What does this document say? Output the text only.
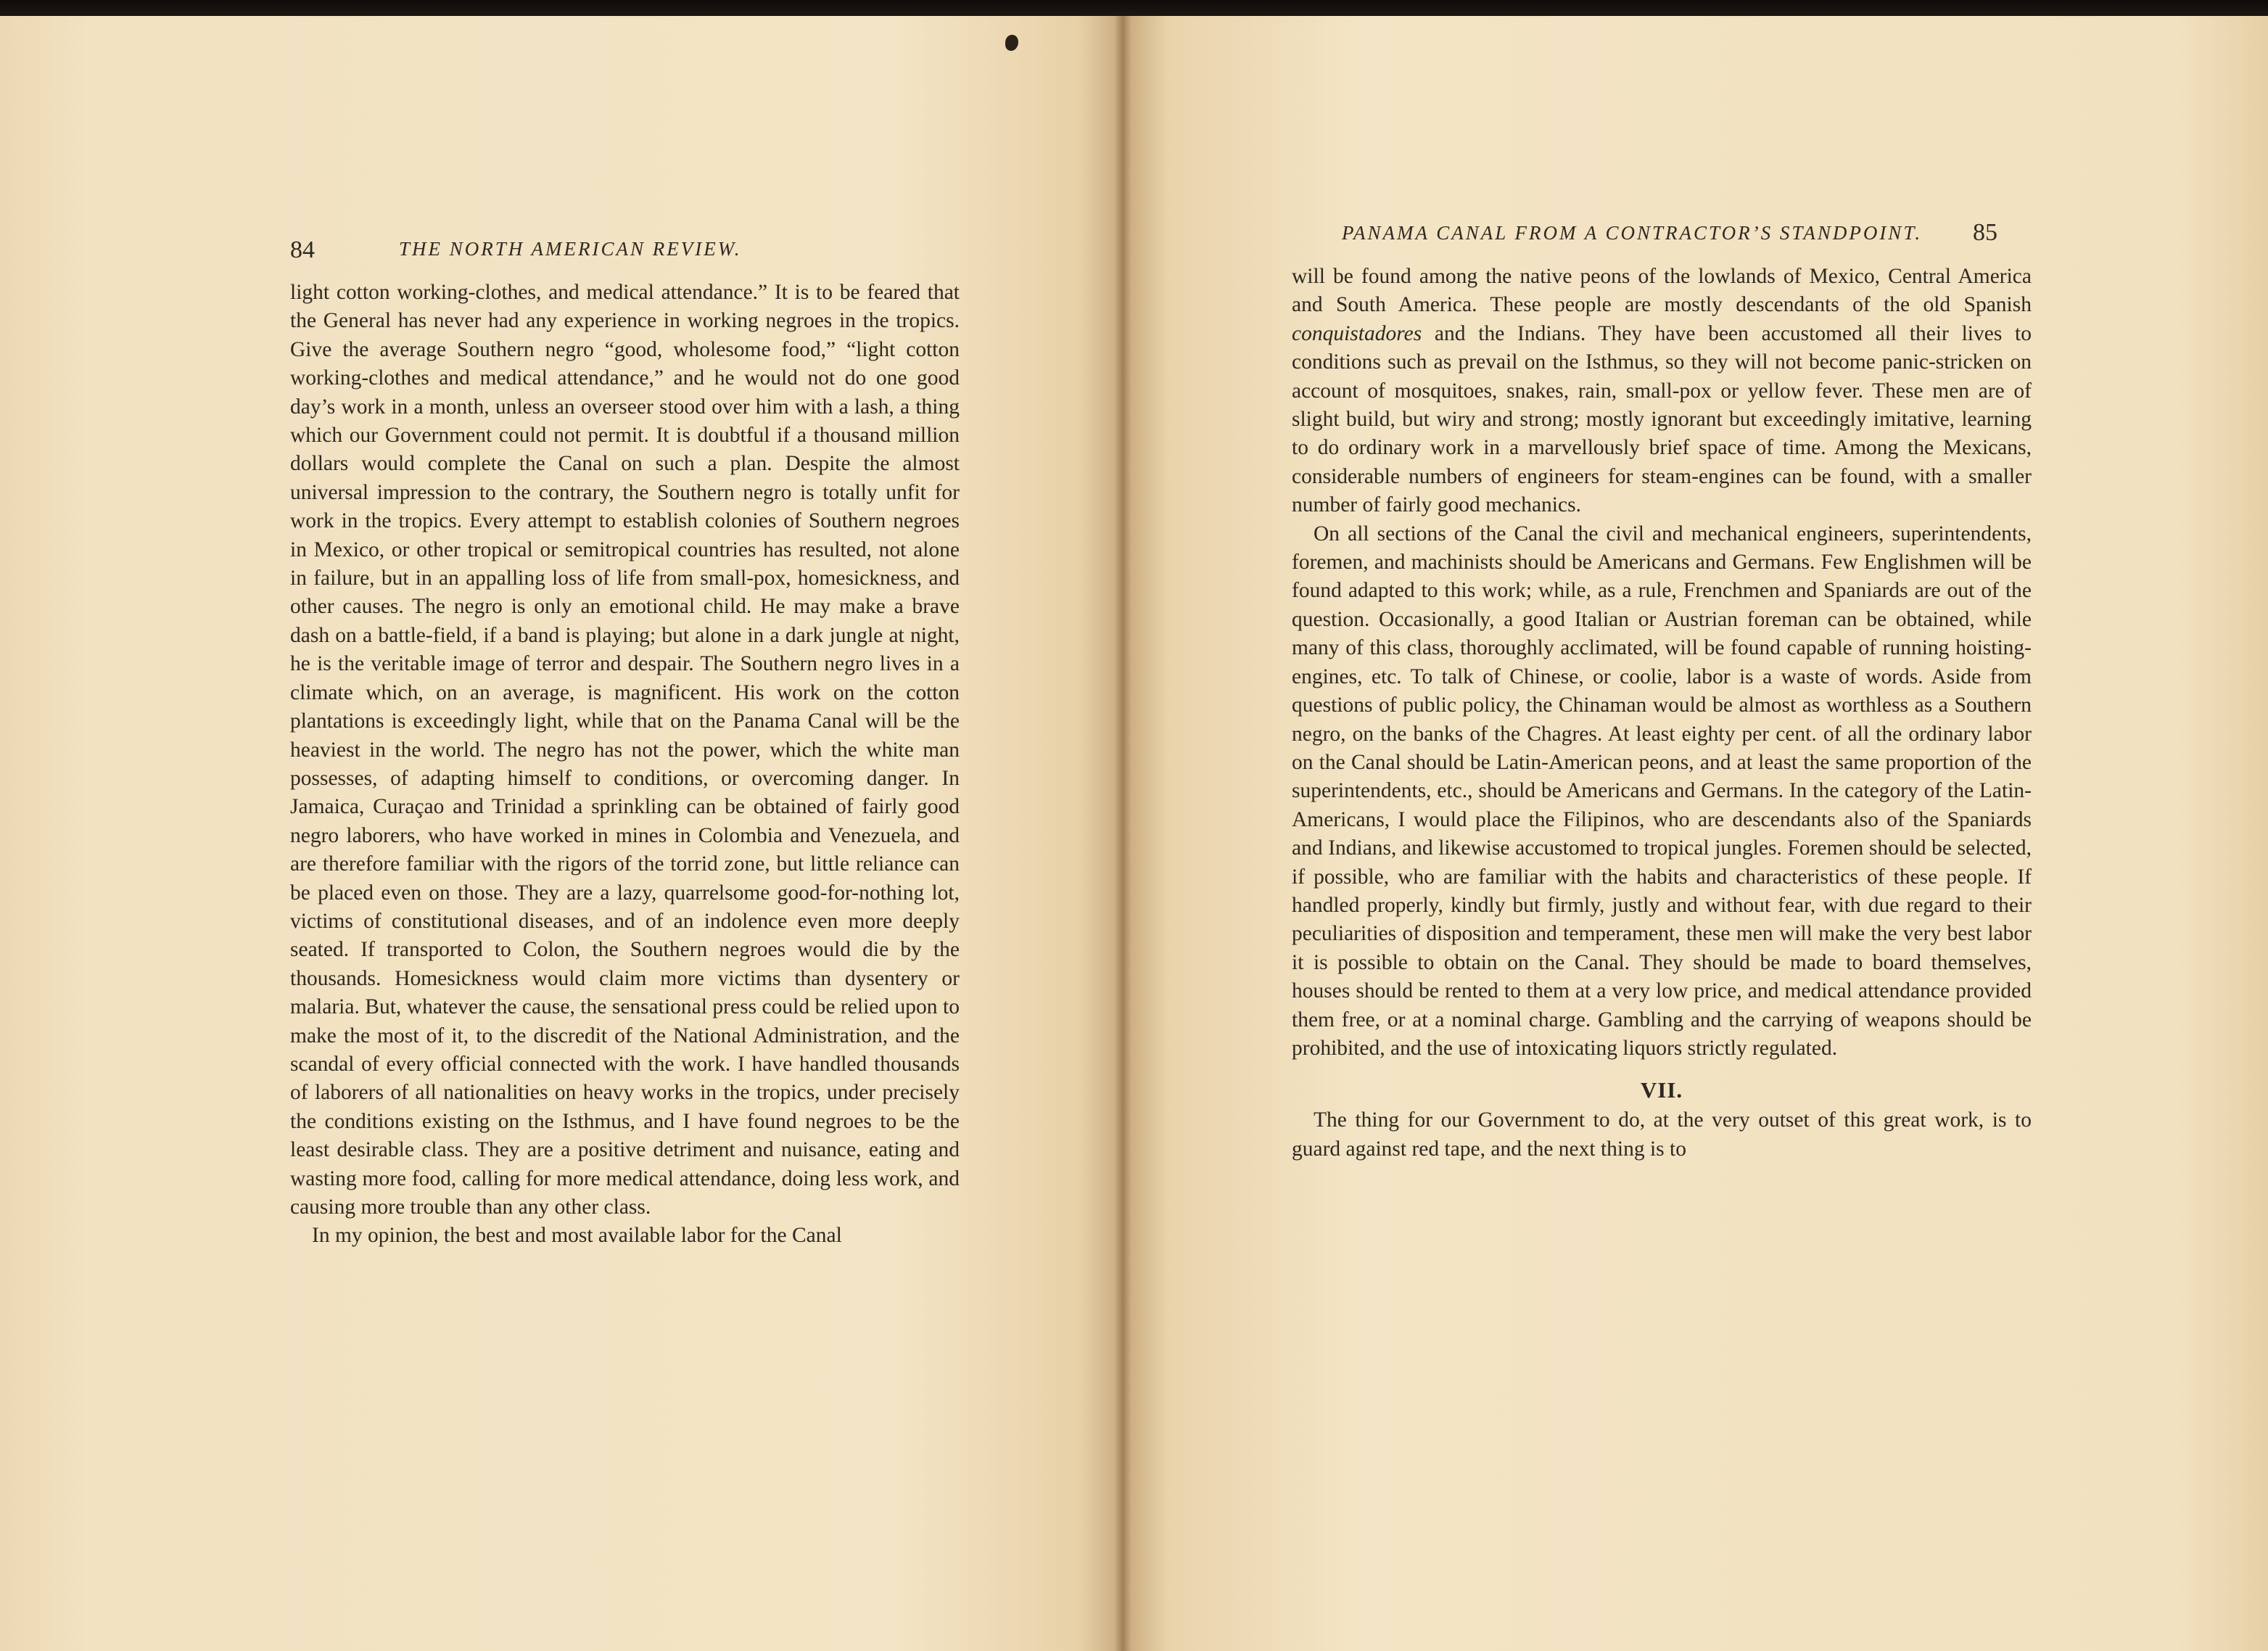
84	THE NORTH AMERICAN REVIEW.

light cotton working-clothes, and medical attendance.” It is to be feared that the General has never had any experience in working negroes in the tropics. Give the average Southern negro “good, wholesome food,” “light cotton working-clothes and medical attendance,” and he would not do one good day’s work in a month, unless an overseer stood over him with a lash, a thing which our Government could not permit. It is doubtful if a thousand million dollars would complete the Canal on such a plan. Despite the almost universal impression to the contrary, the Southern negro is totally unfit for work in the tropics. Every attempt to establish colonies of Southern negroes in Mexico, or other tropical or semitropical countries has resulted, not alone in failure, but in an appalling loss of life from small-pox, homesickness, and other causes. The negro is only an emotional child. He may make a brave dash on a battle-field, if a band is playing; but alone in a dark jungle at night, he is the veritable image of terror and despair. The Southern negro lives in a climate which, on an average, is magnificent. His work on the cotton plantations is exceedingly light, while that on the Panama Canal will be the heaviest in the world. The negro has not the power, which the white man possesses, of adapting himself to conditions, or overcoming danger. In Jamaica, Curaçao and Trinidad a sprinkling can be obtained of fairly good negro laborers, who have worked in mines in Colombia and Venezuela, and are therefore familiar with the rigors of the torrid zone, but little reliance can be placed even on those. They are a lazy, quarrelsome good-for-nothing lot, victims of constitutional diseases, and of an indolence even more deeply seated. If transported to Colon, the Southern negroes would die by the thousands. Homesickness would claim more victims than dysentery or malaria. But, whatever the cause, the sensational press could be relied upon to make the most of it, to the discredit of the National Administration, and the scandal of every official connected with the work. I have handled thousands of laborers of all nationalities on heavy works in the tropics, under precisely the conditions existing on the Isthmus, and I have found negroes to be the least desirable class. They are a positive detriment and nuisance, eating and wasting more food, calling for more medical attendance, doing less work, and causing more trouble than any other class.

In my opinion, the best and most available labor for the Canal

PANAMA CANAL FROM A CONTRACTOR’S STANDPOINT. 85

will be found among the native peons of the lowlands of Mexico, Central America and South America. These people are mostly descendants of the old Spanish conquistadores and the Indians. They have been accustomed all their lives to conditions such as prevail on the Isthmus, so they will not become panic-stricken on account of mosquitoes, snakes, rain, small-pox or yellow fever. These men are of slight build, but wiry and strong; mostly ignorant but exceedingly imitative, learning to do ordinary work in a marvellously brief space of time. Among the Mexicans, considerable numbers of engineers for steam-engines can be found, with a smaller number of fairly good mechanics.

On all sections of the Canal the civil and mechanical engineers, superintendents, foremen, and machinists should be Americans and Germans. Few Englishmen will be found adapted to this work; while, as a rule, Frenchmen and Spaniards are out of the question. Occasionally, a good Italian or Austrian foreman can be obtained, while many of this class, thoroughly acclimated, will be found capable of running hoisting-engines, etc. To talk of Chinese, or coolie, labor is a waste of words. Aside from questions of public policy, the Chinaman would be almost as worthless as a Southern negro, on the banks of the Chagres. At least eighty per cent. of all the ordinary labor on the Canal should be Latin-American peons, and at least the same proportion of the superintendents, etc., should be Americans and Germans. In the category of the Latin-Americans, I would place the Filipinos, who are descendants also of the Spaniards and Indians, and likewise accustomed to tropical jungles. Foremen should be selected, if possible, who are familiar with the habits and characteristics of these people. If handled properly, kindly but firmly, justly and without fear, with due regard to their peculiarities of disposition and temperament, these men will make the very best labor it is possible to obtain on the Canal. They should be made to board themselves, houses should be rented to them at a very low price, and medical attendance provided them free, or at a nominal charge. Gambling and the carrying of weapons should be prohibited, and the use of intoxicating liquors strictly regulated.

VII.

The thing for our Government to do, at the very outset of this great work, is to guard against red tape, and the next thing is to
